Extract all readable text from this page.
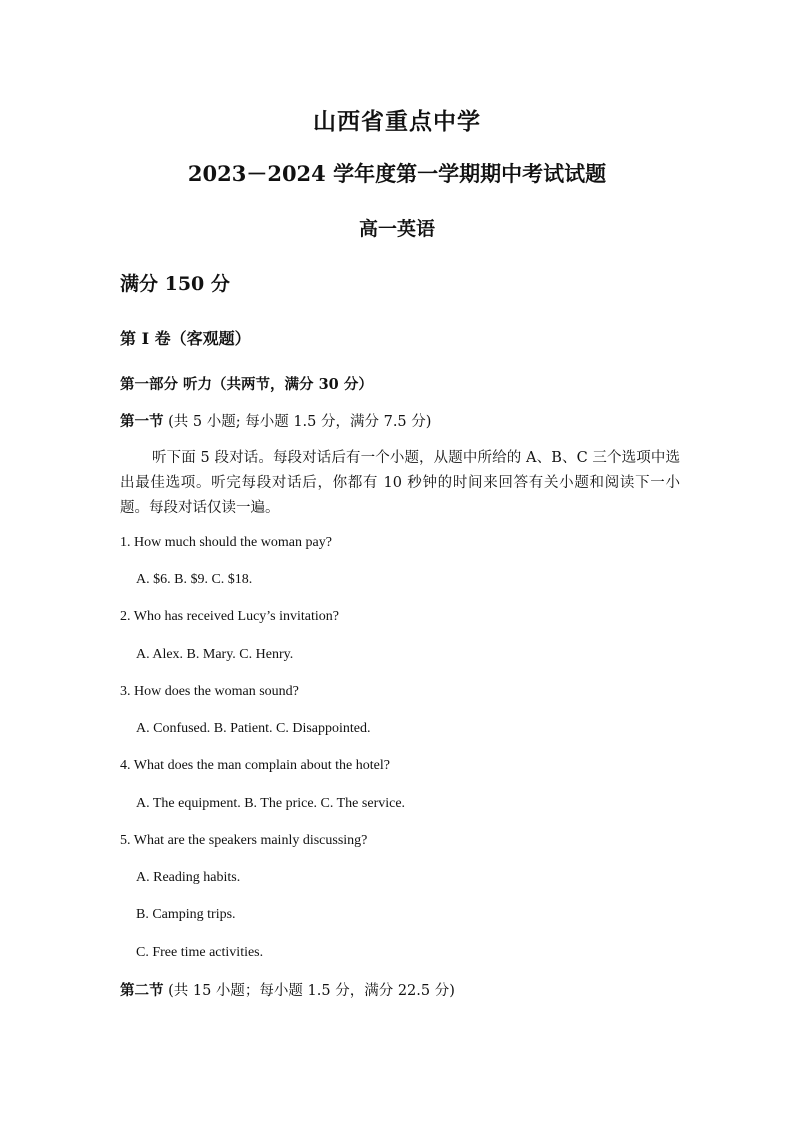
山西省重点中学
2023－2024 学年度第一学期期中考试试题
高一英语
满分 150 分
第 I 卷（客观题）
第一部分 听力（共两节，满分 30 分）
第一节 (共 5 小题; 每小题 1.5 分，满分 7.5 分)
听下面 5 段对话。每段对话后有一个小题，从题中所给的 A、B、C 三个选项中选出最佳选项。听完每段对话后，你都有 10 秒钟的时间来回答有关小题和阅读下一小题。每段对话仅读一遍。
1. How much should the woman pay?
A. $6. B. $9. C. $18.
2. Who has received Lucy’s invitation?
A. Alex. B. Mary. C. Henry.
3. How does the woman sound?
A. Confused. B. Patient. C. Disappointed.
4. What does the man complain about the hotel?
A. The equipment. B. The price. C. The service.
5. What are the speakers mainly discussing?
A. Reading habits.
B. Camping trips.
C. Free time activities.
第二节 (共 15 小题；每小题 1.5 分，满分 22.5 分)
